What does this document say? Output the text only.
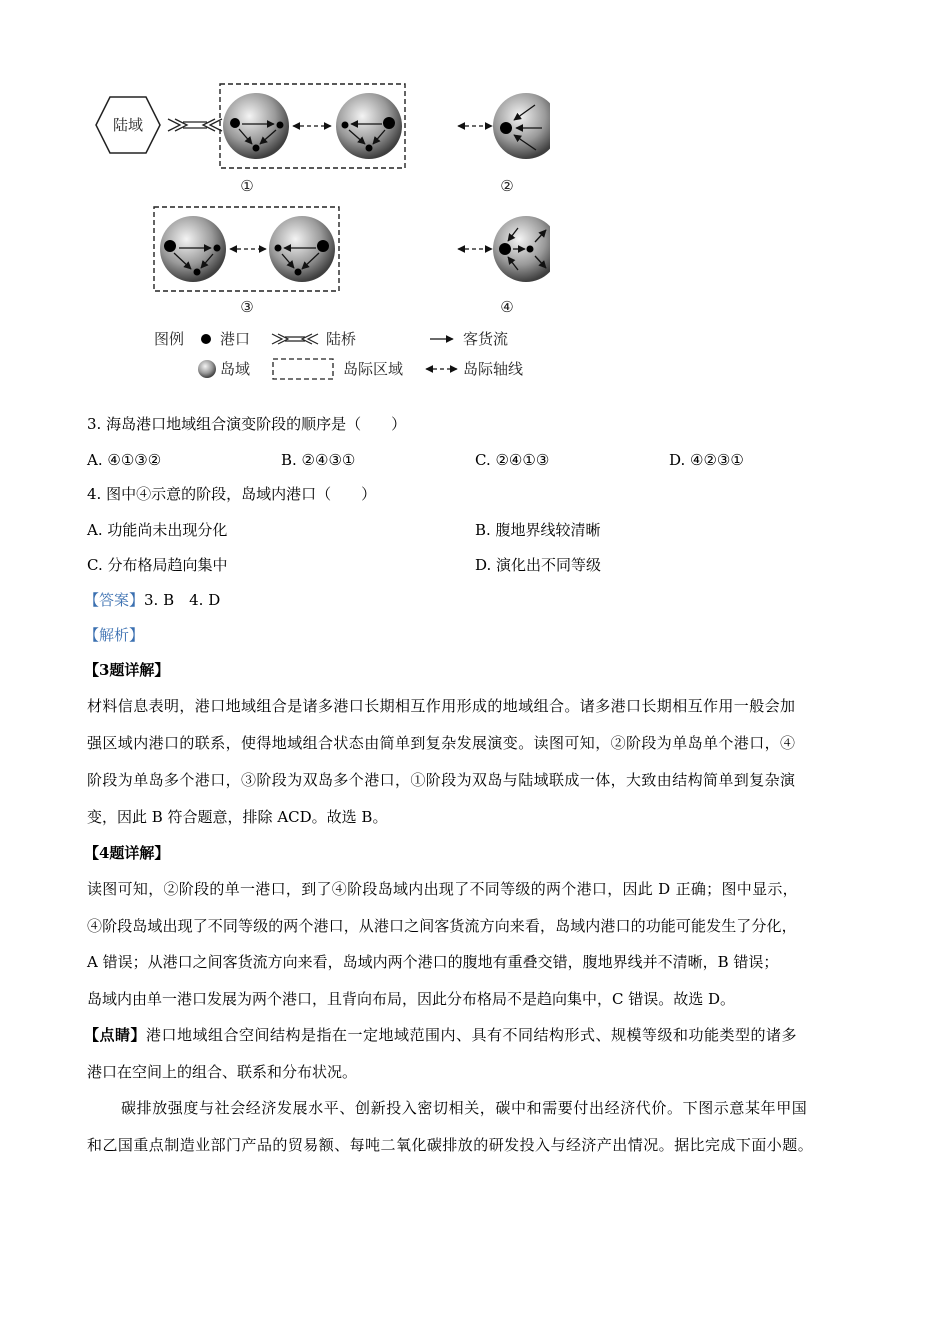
陆域
①	②
③	④
图例 港口	陆桥	客货流
岛域	岛际区域	岛际轴线
3. 海岛港口地域组合演变阶段的顺序是（　　）
A. ④①③②	B. ②④③①	C. ②④①③	D. ④②③①
4. 图中④示意的阶段，岛域内港口（　　）
A. 功能尚未出现分化	B. 腹地界线较清晰
C. 分布格局趋向集中	D. 演化出不同等级
【答案】3. B　4. D
【解析】
【3题详解】
材料信息表明，港口地域组合是诸多港口长期相互作用形成的地域组合。诸多港口长期相互作用一般会加
强区域内港口的联系，使得地域组合状态由简单到复杂发展演变。读图可知，②阶段为单岛单个港口，④
阶段为单岛多个港口，③阶段为双岛多个港口，①阶段为双岛与陆域联成一体，大致由结构简单到复杂演
变，因此 B 符合题意，排除 ACD。故选 B。
【4题详解】
读图可知，②阶段的单一港口，到了④阶段岛域内出现了不同等级的两个港口，因此 D 正确；图中显示，
④阶段岛域出现了不同等级的两个港口，从港口之间客货流方向来看，岛域内港口的功能可能发生了分化，
A 错误；从港口之间客货流方向来看，岛域内两个港口的腹地有重叠交错，腹地界线并不清晰，B 错误；
岛域内由单一港口发展为两个港口，且背向布局，因此分布格局不是趋向集中，C 错误。故选 D。
【点睛】港口地域组合空间结构是指在一定地域范围内、具有不同结构形式、规模等级和功能类型的诸多
港口在空间上的组合、联系和分布状况。
碳排放强度与社会经济发展水平、创新投入密切相关，碳中和需要付出经济代价。下图示意某年甲国
和乙国重点制造业部门产品的贸易额、每吨二氧化碳排放的研发投入与经济产出情况。据比完成下面小题。
